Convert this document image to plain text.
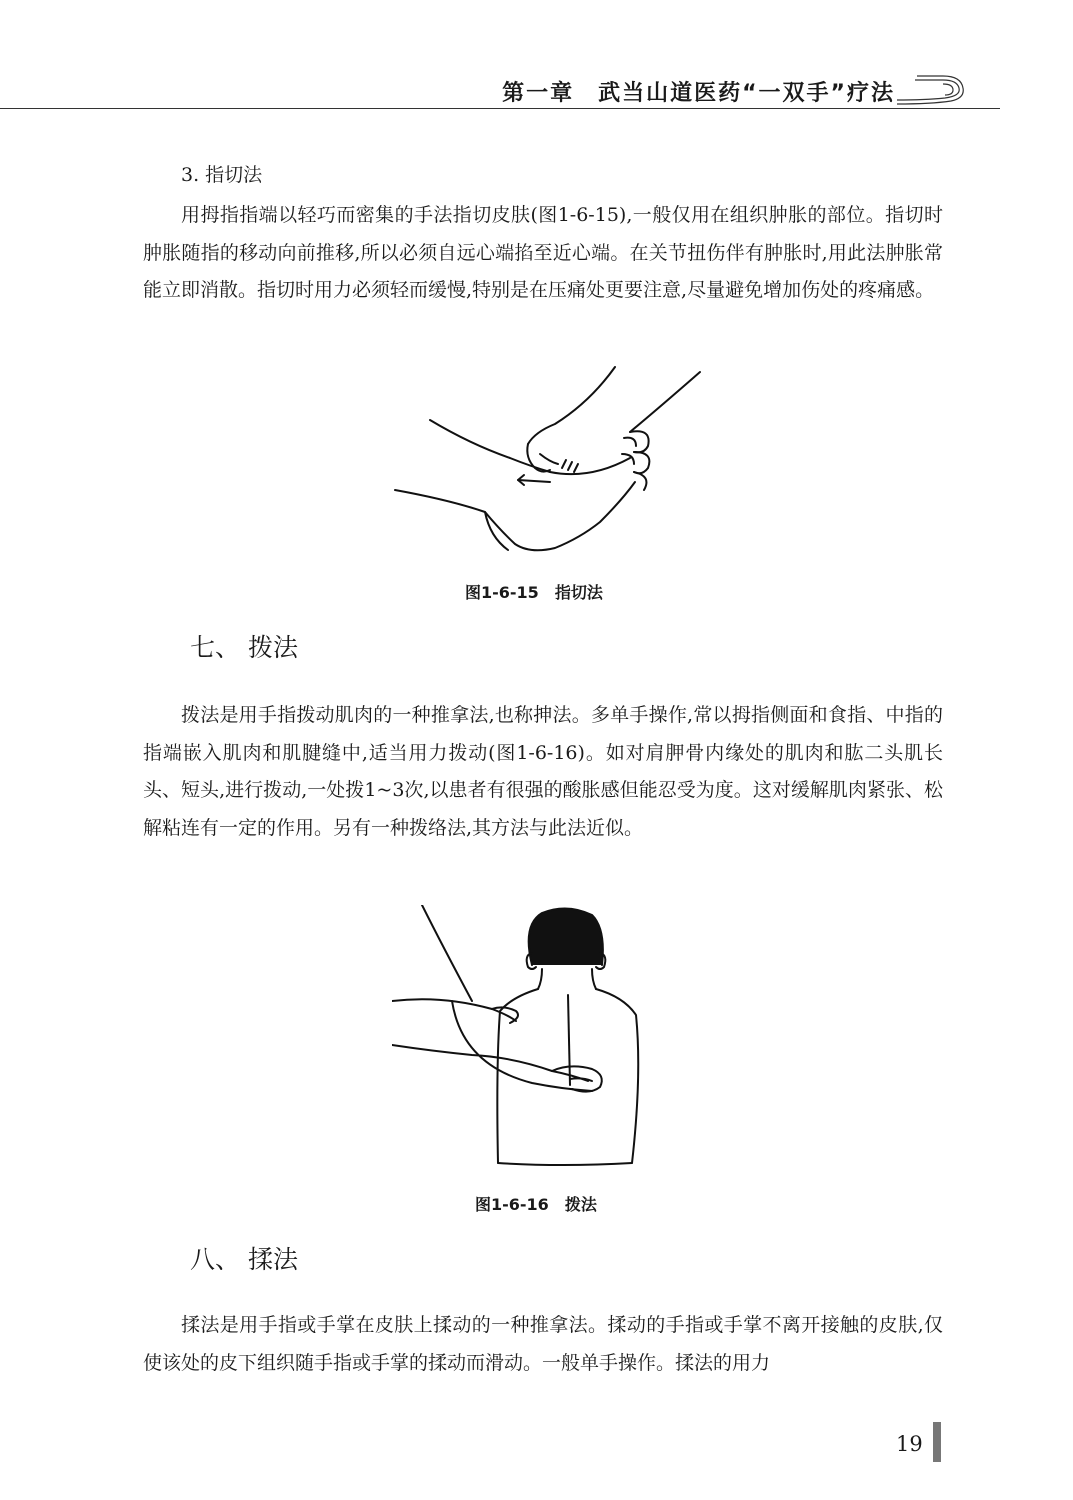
第一章　武当山道医药“一双手”疗法

3. 指切法

用拇指指端以轻巧而密集的手法指切皮肤(图1-6-15),一般仅用在组织肿胀的部位。指切时肿胀随指的移动向前推移,所以必须自远心端掐至近心端。在关节扭伤伴有肿胀时,用此法肿胀常能立即消散。指切时用力必须轻而缓慢,特别是在压痛处更要注意,尽量避免增加伤处的疼痛感。

图1-6-15　指切法

七、 拨法

拨法是用手指拨动肌肉的一种推拿法,也称抻法。多单手操作,常以拇指侧面和食指、中指的指端嵌入肌肉和肌腱缝中,适当用力拨动(图1-6-16)。如对肩胛骨内缘处的肌肉和肱二头肌长头、短头,进行拨动,一处拨1~3次,以患者有很强的酸胀感但能忍受为度。这对缓解肌肉紧张、松解粘连有一定的作用。另有一种拨络法,其方法与此法近似。

图1-6-16　拨法

八、 揉法

揉法是用手指或手掌在皮肤上揉动的一种推拿法。揉动的手指或手掌不离开接触的皮肤,仅使该处的皮下组织随手指或手掌的揉动而滑动。一般单手操作。揉法的用力

19
